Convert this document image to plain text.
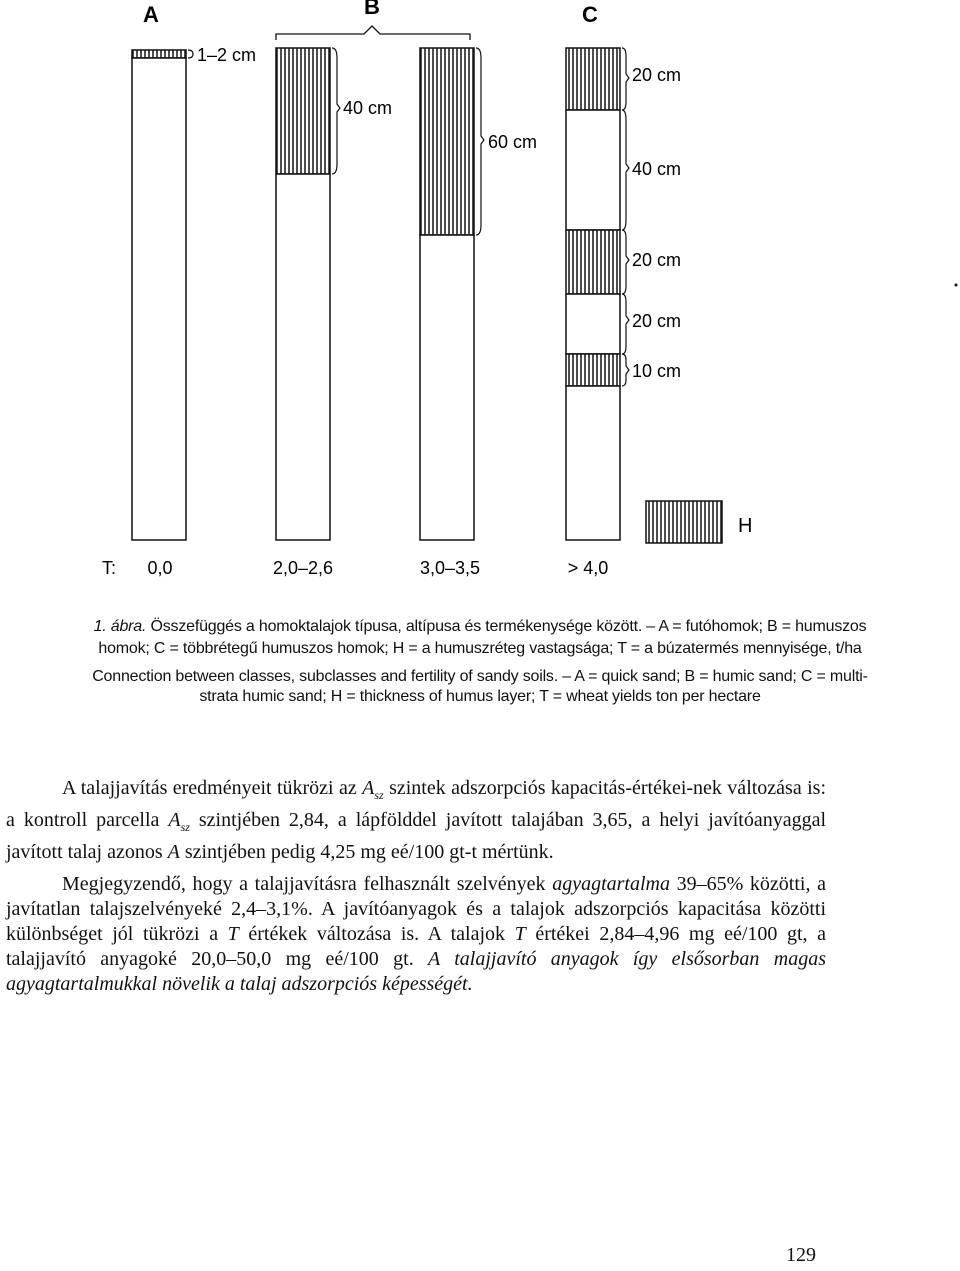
A	B	C
1–2 cm
40 cm
60 cm
20 cm
40 cm
20 cm
20 cm
10 cm
H
T: 0,0	2,0–2,6	3,0–3,5	> 4,0
1. ábra. Összefüggés a homoktalajok típusa, altípusa és termékenysége között. – A = futóhomok; B = humuszos
homok; C = többrétegű humuszos homok; H = a humuszréteg vastagsága; T = a búzatermés mennyisége, t/ha
Connection between classes, subclasses and fertility of sandy soils. – A = quick sand; B = humic sand; C = multi-
strata humic sand; H = thickness of humus layer; T = wheat yields ton per hectare

A talajjavítás eredményeit tükrözi az $A_{sz}$ szintek adszorpciós kapacitás-értékei-nek változása is: a kontroll parcella $A_{sz}$ szintjében 2,84, a lápfölddel javított talajában 3,65, a helyi javítóanyaggal javított talaj azonos A szintjében pedig 4,25 mg eé/100 gt-t mértünk.

Megjegyzendő, hogy a talajjavításra felhasznált szelvények agyagtartalma 39–65% közötti, a javítatlan talajszelvényeké 2,4–3,1%. A javítóanyagok és a talajok adszorpciós kapacitása közötti különbséget jól tükrözi a T értékek változása is. A talajok T értékei 2,84–4,96 mg eé/100 gt, a talajjavító anyagoké 20,0–50,0 mg eé/100 gt. A talajjavító anyagok így elsősorban magas agyagtartalmukkal növelik a talaj adszorpciós képességét.

129
